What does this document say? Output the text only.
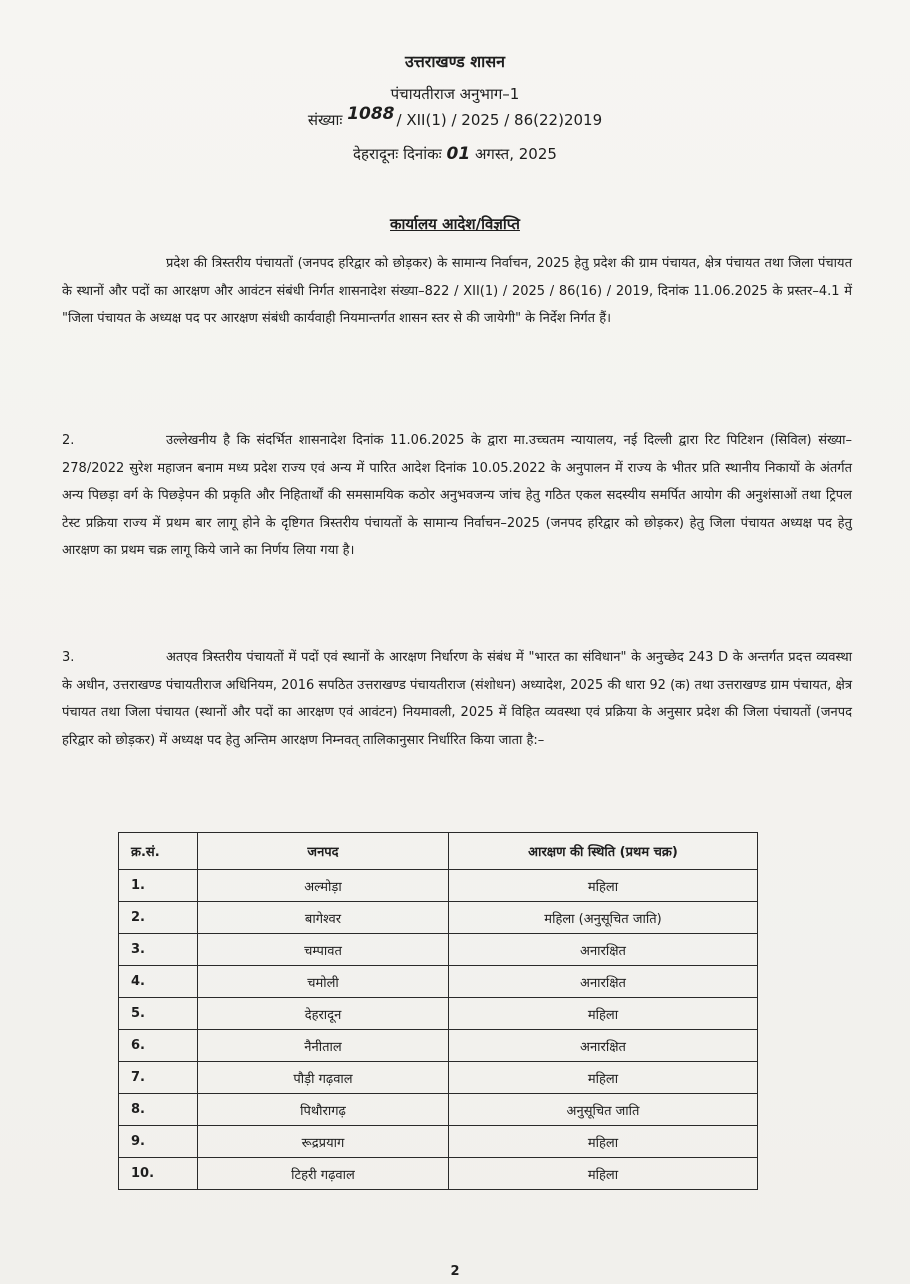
उत्तराखण्ड शासन
पंचायतीराज अनुभाग–1
संख्याः 1088 / XII(1) / 2025 / 86(22)2019
देहरादूनः दिनांकः 01 अगस्त, 2025
कार्यालय आदेश/विज्ञप्ति
प्रदेश की त्रिस्तरीय पंचायतों (जनपद हरिद्वार को छोड़कर) के सामान्य निर्वाचन, 2025 हेतु प्रदेश की ग्राम पंचायत, क्षेत्र पंचायत तथा जिला पंचायत के स्थानों और पदों का आरक्षण और आवंटन संबंधी निर्गत शासनादेश संख्या–822 / XII(1) / 2025 / 86(16) / 2019, दिनांक 11.06.2025 के प्रस्तर–4.1 में "जिला पंचायत के अध्यक्ष पद पर आरक्षण संबंधी कार्यवाही नियमान्तर्गत शासन स्तर से की जायेगी" के निर्देश निर्गत हैं।
2.	उल्लेखनीय है कि संदर्भित शासनादेश दिनांक 11.06.2025 के द्वारा मा.उच्चतम न्यायालय, नई दिल्ली द्वारा रिट पिटिशन (सिविल) संख्या–278/2022 सुरेश महाजन बनाम मध्य प्रदेश राज्य एवं अन्य में पारित आदेश दिनांक 10.05.2022 के अनुपालन में राज्य के भीतर प्रति स्थानीय निकायों के अंतर्गत अन्य पिछड़ा वर्ग के पिछड़ेपन की प्रकृति और निहितार्थों की समसामयिक कठोर अनुभवजन्य जांच हेतु गठित एकल सदस्यीय समर्पित आयोग की अनुशंसाओं तथा ट्रिपल टेस्ट प्रक्रिया राज्य में प्रथम बार लागू होने के दृष्टिगत त्रिस्तरीय पंचायतों के सामान्य निर्वाचन–2025 (जनपद हरिद्वार को छोड़कर) हेतु जिला पंचायत अध्यक्ष पद हेतु आरक्षण का प्रथम चक्र लागू किये जाने का निर्णय लिया गया है।
3.	अतएव त्रिस्तरीय पंचायतों में पदों एवं स्थानों के आरक्षण निर्धारण के संबंध में "भारत का संविधान" के अनुच्छेद 243 D के अन्तर्गत प्रदत्त व्यवस्था के अधीन, उत्तराखण्ड पंचायतीराज अधिनियम, 2016 सपठित उत्तराखण्ड पंचायतीराज (संशोधन) अध्यादेश, 2025 की धारा 92 (क) तथा उत्तराखण्ड ग्राम पंचायत, क्षेत्र पंचायत तथा जिला पंचायत (स्थानों और पदों का आरक्षण एवं आवंटन) नियमावली, 2025 में विहित व्यवस्था एवं प्रक्रिया के अनुसार प्रदेश की जिला पंचायतों (जनपद हरिद्वार को छोड़कर) में अध्यक्ष पद हेतु अन्तिम आरक्षण निम्नवत् तालिकानुसार निर्धारित किया जाता है:–
क्र.सं.	जनपद	आरक्षण की स्थिति (प्रथम चक्र)
1.	अल्मोड़ा	महिला
2.	बागेश्वर	महिला (अनुसूचित जाति)
3.	चम्पावत	अनारक्षित
4.	चमोली	अनारक्षित
5.	देहरादून	महिला
6.	नैनीताल	अनारक्षित
7.	पौड़ी गढ़वाल	महिला
8.	पिथौरागढ़	अनुसूचित जाति
9.	रूद्रप्रयाग	महिला
10.	टिहरी गढ़वाल	महिला
2
